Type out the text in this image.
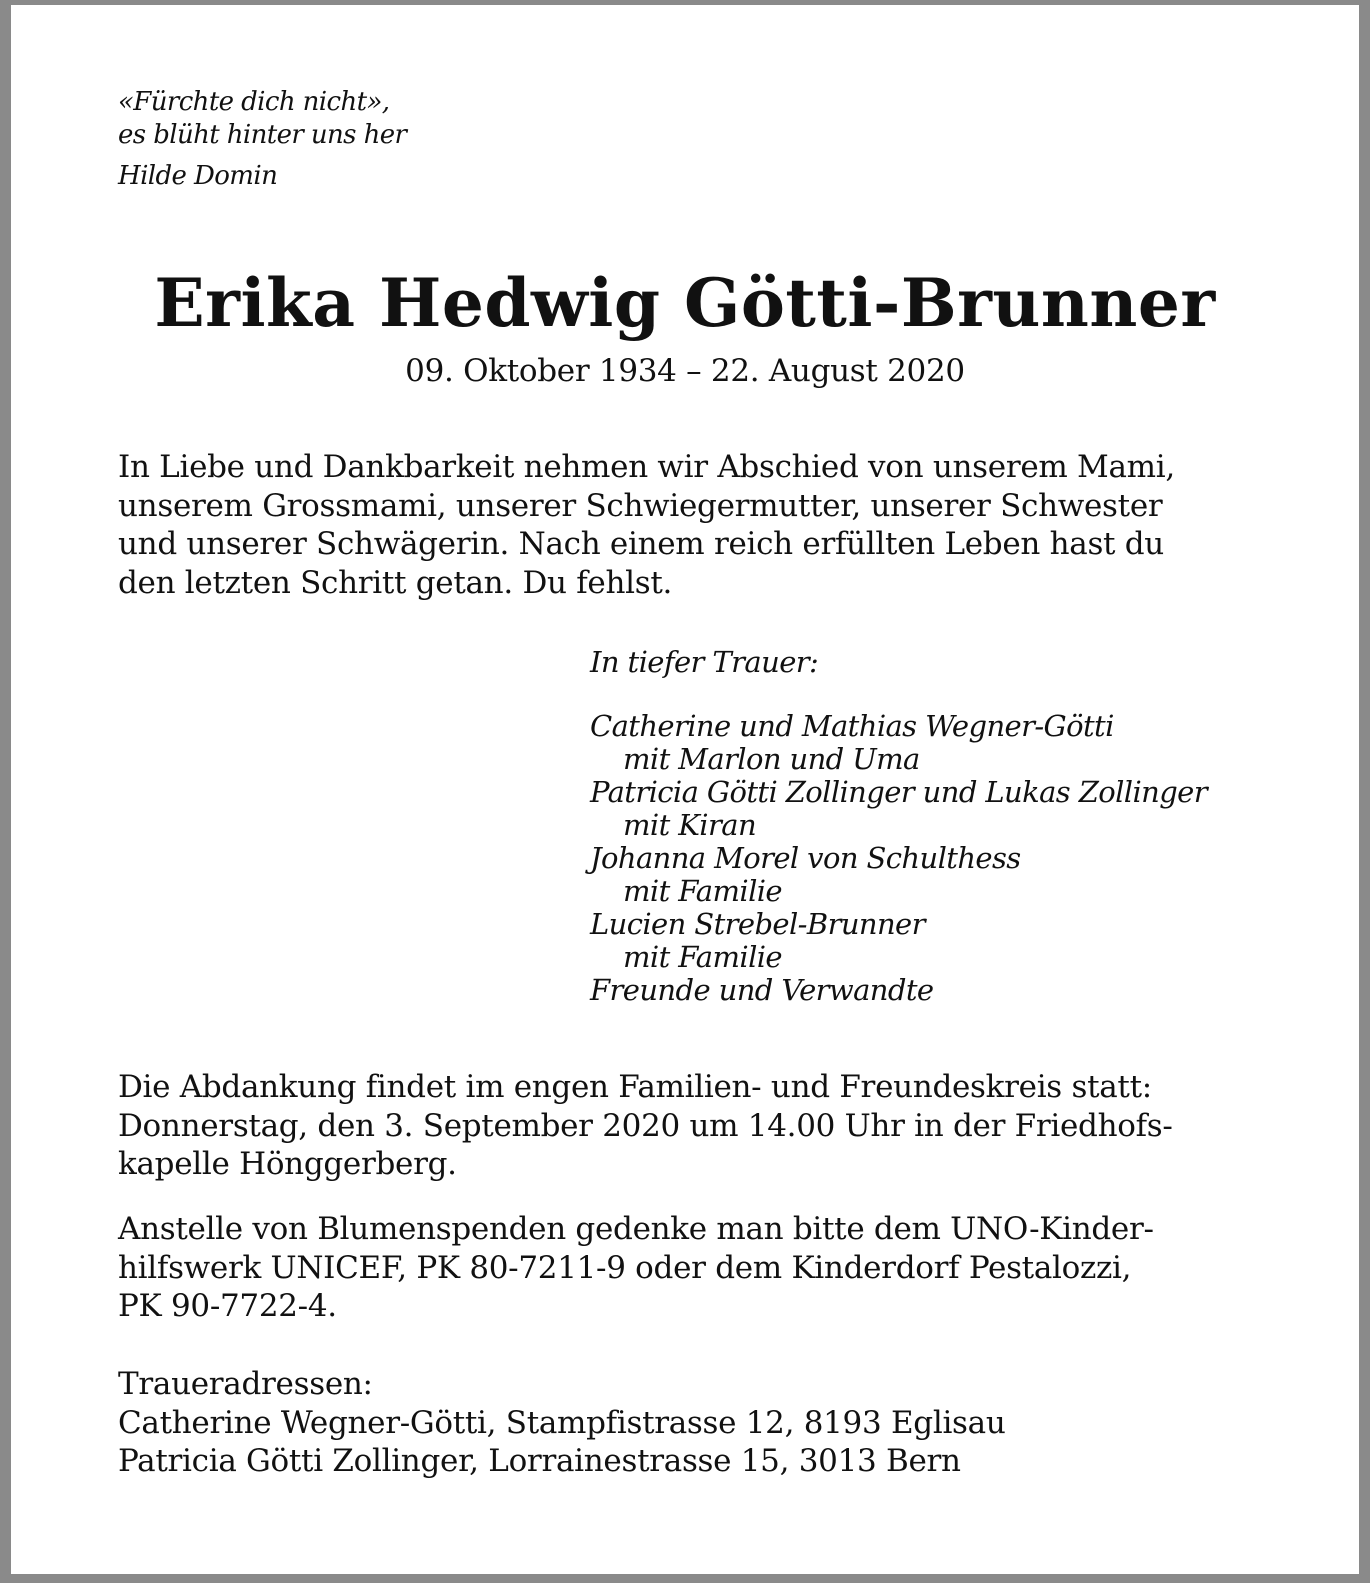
«Fürchte dich nicht»,
es blüht hinter uns her
Hilde Domin
Erika Hedwig Götti-Brunner
09. Oktober 1934 – 22. August 2020
In Liebe und Dankbarkeit nehmen wir Abschied von unserem Mami,
unserem Grossmami, unserer Schwiegermutter, unserer Schwester
und unserer Schwägerin. Nach einem reich erfüllten Leben hast du
den letzten Schritt getan. Du fehlst.
In tiefer Trauer:
Catherine und Mathias Wegner-Götti
mit Marlon und Uma
Patricia Götti Zollinger und Lukas Zollinger
mit Kiran
Johanna Morel von Schulthess
mit Familie
Lucien Strebel-Brunner
mit Familie
Freunde und Verwandte
Die Abdankung findet im engen Familien- und Freundeskreis statt:
Donnerstag, den 3. September 2020 um 14.00 Uhr in der Friedhofs-
kapelle Hönggerberg.
Anstelle von Blumenspenden gedenke man bitte dem UNO-Kinder-
hilfswerk UNICEF, PK 80-7211-9 oder dem Kinderdorf Pestalozzi,
PK 90-7722-4.
Traueradressen:
Catherine Wegner-Götti, Stampfistrasse 12, 8193 Eglisau
Patricia Götti Zollinger, Lorrainestrasse 15, 3013 Bern
